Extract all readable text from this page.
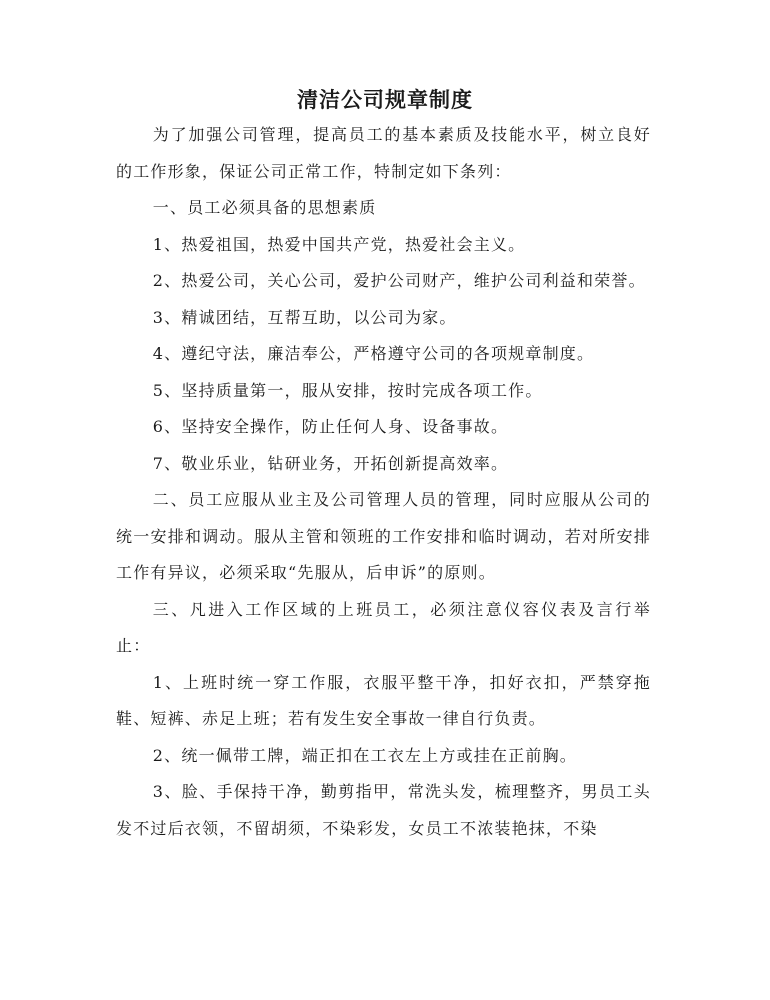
清洁公司规章制度

为了加强公司管理，提高员工的基本素质及技能水平，树立良好的工作形象，保证公司正常工作，特制定如下条列：

一、员工必须具备的思想素质

1、热爱祖国，热爱中国共产党，热爱社会主义。

2、热爱公司，关心公司，爱护公司财产，维护公司利益和荣誉。

3、精诚团结，互帮互助，以公司为家。

4、遵纪守法，廉洁奉公，严格遵守公司的各项规章制度。

5、坚持质量第一，服从安排，按时完成各项工作。

6、坚持安全操作，防止任何人身、设备事故。

7、敬业乐业，钻研业务，开拓创新提高效率。

二、员工应服从业主及公司管理人员的管理，同时应服从公司的统一安排和调动。服从主管和领班的工作安排和临时调动，若对所安排工作有异议，必须采取“先服从，后申诉”的原则。

三、凡进入工作区域的上班员工，必须注意仪容仪表及言行举止：

1、上班时统一穿工作服，衣服平整干净，扣好衣扣，严禁穿拖鞋、短裤、赤足上班；若有发生安全事故一律自行负责。

2、统一佩带工牌，端正扣在工衣左上方或挂在正前胸。

3、脸、手保持干净，勤剪指甲，常洗头发，梳理整齐，男员工头发不过后衣领，不留胡须，不染彩发，女员工不浓装艳抹，不染
